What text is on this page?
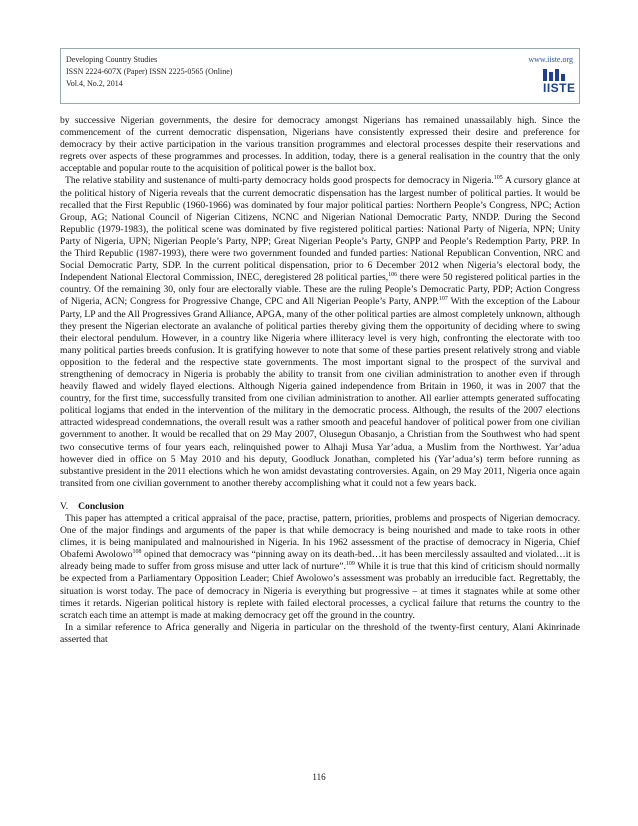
Developing Country Studies
ISSN 2224-607X (Paper) ISSN 2225-0565 (Online)
Vol.4, No.2, 2014
www.iiste.org
IISTE

by successive Nigerian governments, the desire for democracy amongst Nigerians has remained unassailably high. Since the commencement of the current democratic dispensation, Nigerians have consistently expressed their desire and preference for democracy by their active participation in the various transition programmes and electoral processes despite their reservations and regrets over aspects of these programmes and processes. In addition, today, there is a general realisation in the country that the only acceptable and popular route to the acquisition of political power is the ballot box.

The relative stability and sustenance of multi-party democracy holds good prospects for democracy in Nigeria.$^{105}$ A cursory glance at the political history of Nigeria reveals that the current democratic dispensation has the largest number of political parties. It would be recalled that the First Republic (1960-1966) was dominated by four major political parties: Northern People’s Congress, NPC; Action Group, AG; National Council of Nigerian Citizens, NCNC and Nigerian National Democratic Party, NNDP. During the Second Republic (1979-1983), the political scene was dominated by five registered political parties: National Party of Nigeria, NPN; Unity Party of Nigeria, UPN; Nigerian People’s Party, NPP; Great Nigerian People’s Party, GNPP and People’s Redemption Party, PRP. In the Third Republic (1987-1993), there were two government founded and funded parties: National Republican Convention, NRC and Social Democratic Party, SDP. In the current political dispensation, prior to 6 December 2012 when Nigeria’s electoral body, the Independent National Electoral Commission, INEC, deregistered 28 political parties,$^{106}$ there were 50 registered political parties in the country. Of the remaining 30, only four are electorally viable. These are the ruling People’s Democratic Party, PDP; Action Congress of Nigeria, ACN; Congress for Progressive Change, CPC and All Nigerian People’s Party, ANPP.$^{107}$ With the exception of the Labour Party, LP and the All Progressives Grand Alliance, APGA, many of the other political parties are almost completely unknown, although they present the Nigerian electorate an avalanche of political parties thereby giving them the opportunity of deciding where to swing their electoral pendulum. However, in a country like Nigeria where illiteracy level is very high, confronting the electorate with too many political parties breeds confusion. It is gratifying however to note that some of these parties present relatively strong and viable opposition to the federal and the respective state governments. The most important signal to the prospect of the survival and strengthening of democracy in Nigeria is probably the ability to transit from one civilian administration to another even if through heavily flawed and widely flayed elections. Although Nigeria gained independence from Britain in 1960, it was in 2007 that the country, for the first time, successfully transited from one civilian administration to another. All earlier attempts generated suffocating political logjams that ended in the intervention of the military in the democratic process. Although, the results of the 2007 elections attracted widespread condemnations, the overall result was a rather smooth and peaceful handover of political power from one civilian government to another. It would be recalled that on 29 May 2007, Olusegun Obasanjo, a Christian from the Southwest who had spent two consecutive terms of four years each, relinquished power to Alhaji Musa Yar’adua, a Muslim from the Northwest. Yar’adua however died in office on 5 May 2010 and his deputy, Goodluck Jonathan, completed his (Yar’adua’s) term before running as substantive president in the 2011 elections which he won amidst devastating controversies. Again, on 29 May 2011, Nigeria once again transited from one civilian government to another thereby accomplishing what it could not a few years back.

V. Conclusion

This paper has attempted a critical appraisal of the pace, practise, pattern, priorities, problems and prospects of Nigerian democracy. One of the major findings and arguments of the paper is that while democracy is being nourished and made to take roots in other climes, it is being manipulated and malnourished in Nigeria. In his 1962 assessment of the practise of democracy in Nigeria, Chief Obafemi Awolowo$^{108}$ opined that democracy was “pinning away on its death-bed…it has been mercilessly assaulted and violated…it is already being made to suffer from gross misuse and utter lack of nurture”.$^{109}$ While it is true that this kind of criticism should normally be expected from a Parliamentary Opposition Leader; Chief Awolowo’s assessment was probably an irreducible fact. Regrettably, the situation is worst today. The pace of democracy in Nigeria is everything but progressive – at times it stagnates while at some other times it retards. Nigerian political history is replete with failed electoral processes, a cyclical failure that returns the country to the scratch each time an attempt is made at making democracy get off the ground in the country.

In a similar reference to Africa generally and Nigeria in particular on the threshold of the twenty-first century, Alani Akinrinade asserted that

116
